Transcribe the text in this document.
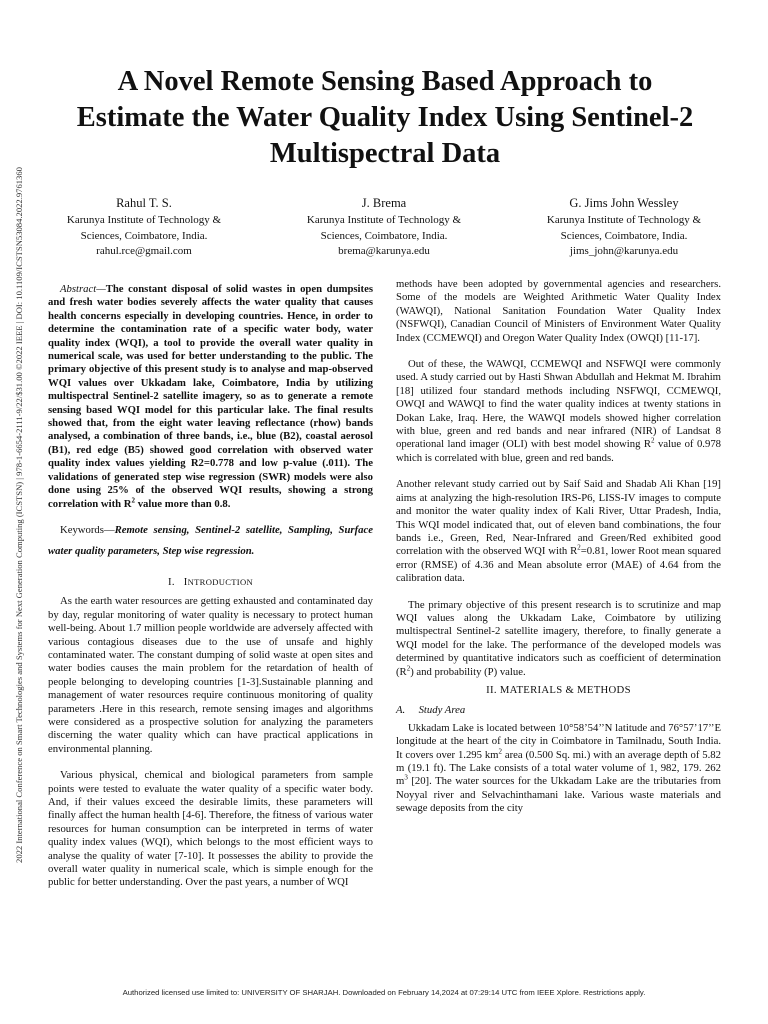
2022 International Conference on Smart Technologies and Systems for Next Generation Computing (ICSTSN) | 978-1-6654-2111-9/22/$31.00 ©2022 IEEE | DOI: 10.1109/ICSTSN53084.2022.9761360
A Novel Remote Sensing Based Approach to
Estimate the Water Quality Index Using Sentinel-2
Multispectral Data
Rahul T. S.
Karunya Institute of Technology &
Sciences, Coimbatore, India.
rahul.rce@gmail.com
J. Brema
Karunya Institute of Technology &
Sciences, Coimbatore, India.
brema@karunya.edu
G. Jims John Wessley
Karunya Institute of Technology &
Sciences, Coimbatore, India.
jims_john@karunya.edu

Abstract—The constant disposal of solid wastes in open dumpsites and fresh water bodies severely affects the water quality that causes health concerns especially in developing countries. Hence, in order to determine the contamination rate of a specific water body, water quality index (WQI), a tool to provide the overall water quality in numerical scale, was used for better understanding to the public. The primary objective of this present study is to analyse and map-observed WQI values over Ukkadam lake, Coimbatore, India by utilizing multispectral Sentinel-2 satellite imagery, so as to generate a remote sensing based WQI model for this particular lake. The final results showed that, from the eight water leaving reflectance (rhow) bands analysed, a combination of three bands, i.e., blue (B2), coastal aerosol (B1), red edge (B5) showed good correlation with observed water quality index values yielding R2=0.778 and low p-value (.011). The validations of generated step wise regression (SWR) models were also done using 25% of the observed WQI results, showing a strong correlation with $R^2$ value more than 0.8.

Keywords—Remote sensing, Sentinel-2 satellite, Sampling, Surface water quality parameters, Step wise regression.

I. INTRODUCTION

As the earth water resources are getting exhausted and contaminated day by day, regular monitoring of water quality is necessary to protect human well-being. About 1.7 million people worldwide are adversely affected with various contagious diseases due to the use of unsafe and highly contaminated water. The constant dumping of solid waste at open sites and water bodies causes the main problem for the retardation of health of people belonging to developing countries [1-3].Sustainable planning and management of water resources require continuous monitoring of quality parameters .Here in this research, remote sensing images and algorithms were considered as a prospective solution for analyzing the parameters discerning the water quality which can have practical applications in environmental planning.

Various physical, chemical and biological parameters from sample points were tested to evaluate the water quality of a specific water body. And, if their values exceed the desirable limits, these parameters will finally affect the human health [4-6]. Therefore, the fitness of various water resources for human consumption can be interpreted in terms of water quality index values (WQI), which belongs to the most efficient ways to analyse the quality of water [7-10]. It possesses the ability to provide the overall water quality in numerical scale, which is simple enough for the public for better understanding. Over the past years, a number of WQI

methods have been adopted by governmental agencies and researchers. Some of the models are Weighted Arithmetic Water Quality Index (WAWQI), National Sanitation Foundation Water Quality Index (NSFWQI), Canadian Council of Ministers of Environment Water Quality Index (CCMEWQI) and Oregon Water Quality Index (OWQI) [11-17].

Out of these, the WAWQI, CCMEWQI and NSFWQI were commonly used. A study carried out by Hasti Shwan Abdullah and Hekmat M. Ibrahim [18] utilized four standard methods including NSFWQI, CCMEWQI, OWQI and WAWQI to find the water quality indices at twenty stations in Dokan Lake, Iraq. Here, the WAWQI models showed higher correlation with blue, green and red bands and near infrared (NIR) of Landsat 8 operational land imager (OLI) with best model showing $R^2$ value of 0.978 which is correlated with blue, green and red bands.

Another relevant study carried out by Saif Said and Shadab Ali Khan [19] aims at analyzing the high-resolution IRS-P6, LISS-IV images to compute and monitor the water quality index of Kali River, Uttar Pradesh, India, This WQI model indicated that, out of eleven band combinations, the four bands i.e., Green, Red, Near-Infrared and Green/Red exhibited good correlation with the observed WQI with $R^2=0.81$, lower Root mean squared error (RMSE) of 4.36 and Mean absolute error (MAE) of 4.64 from the calibration data.

The primary objective of this present research is to scrutinize and map WQI values along the Ukkadam Lake, Coimbatore by utilizing multispectral Sentinel-2 satellite imagery, therefore, to finally generate a WQI model for the lake. The performance of the developed models was determined by quantitative indicators such as coefficient of determination $(R^2)$ and probability (P) value.

II. MATERIALS & METHODS
A. Study Area

Ukkadam Lake is located between 10°58’54’’N latitude and 76°57’17’’E longitude at the heart of the city in Coimbatore in Tamilnadu, South India. It covers over 1.295 $km^2$ area (0.500 Sq. mi.) with an average depth of 5.82 m (19.1 ft). The Lake consists of a total water volume of 1, 982, 179. 262 $m^3$ [20]. The water sources for the Ukkadam Lake are the tributaries from Noyyal river and Selvachinthamani lake. Various waste materials and sewage deposits from the city

Authorized licensed use limited to: UNIVERSITY OF SHARJAH. Downloaded on February 14,2024 at 07:29:14 UTC from IEEE Xplore. Restrictions apply.
